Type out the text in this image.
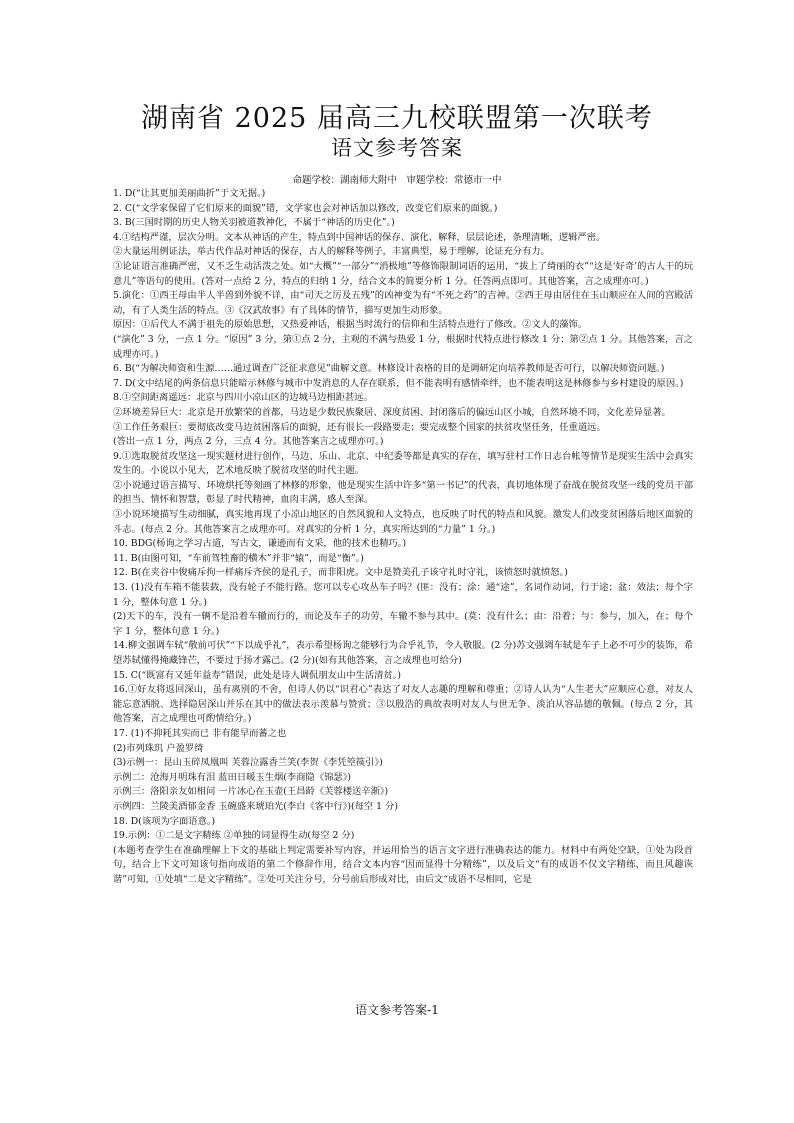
湖南省 2025 届高三九校联盟第一次联考
语文参考答案
命题学校：湖南师大附中　审题学校：常德市一中

1. D(“让其更加美丽曲折”于文无据。)

2. C(“文学家保留了它们原来的面貌”错，文学家也会对神话加以修改，改变它们原来的面貌。)

3. B(三国时期的历史人物关羽被道教神化，不属于“神话的历史化”。)

4.①结构严谨，层次分明。文本从神话的产生，特点到中国神话的保存、演化、解释，层层论述，条理清晰，逻辑严密。

②大量运用例证法，举古代作品对神话的保存，古人的解释等例子，丰富典型，易于理解，论证充分有力。

③论证语言准确严密，又不乏生动活泼之处。如“大概”“一部分”“消极地”等修饰限制词语的运用，“拔上了绮丽的衣”“这是‘好奇’的古人干的玩意儿”等语句的使用。(答对一点给 2 分，特点的归纳 1 分，结合文本的简要分析 1 分。任答两点即可。其他答案，言之成理亦可。)

5.演化：①西王母由半人半兽到外貌不详，由“司天之厉及五残”的凶神变为有“不死之药”的吉神。②西王母由居住在玉山顺应在人间的宫殿活动，有了人类生活的特点。③《汉武故事》有了具体的情节，描写更加生动形象。

原因：①后代人不满于祖先的原始思想，又热爱神话，根据当时流行的信仰和生活特点进行了修改。②文人的藻饰。

(“演化” 3 分，一点 1 分。“原因” 3 分，第①点 2 分，主观的不满与热爱 1 分，根据时代特点进行修改 1 分；第②点 1 分。其他答案，言之成理亦可。)

6. B(“为解决师资和生源……通过调查广泛征求意见”曲解文意。林修设计表格的目的是调研定向培养教师是否可行，以解决师资问题。)

7. D(文中结尾的两条信息只能暗示林修与城市中发消息的人存在联系，但不能表明有感情牵绊，也不能表明这是林修参与乡村建设的原因。)

8.①空间距离遥远：北京与四川小凉山区的边城马边相距甚远。

②环境差异巨大：北京是开放繁荣的首都，马边是少数民族聚居、深度贫困、封闭落后的偏远山区小城，自然环境不同，文化差异显著。

③工作任务艰巨：要彻底改变马边贫困落后的面貌，还有很长一段路要走；要完成整个国家的扶贫攻坚任务，任重道远。

(答出一点 1 分，两点 2 分，三点 4 分。其他答案言之成理亦可。)

9.①选取脱贫攻坚这一现实题材进行创作，马边、乐山、北京、中纪委等都是真实的存在，填写驻村工作日志台帐等情节是现实生活中会真实发生的。小说以小见大，艺术地反映了脱贫攻坚的时代主题。

②小说通过语言描写、环境烘托等刻画了林修的形象，他是现实生活中许多“第一书记”的代表，真切地体现了奋战在脱贫攻坚一线的党员干部的担当、情怀和智慧，彰显了时代精神，血肉丰满，感人至深。

③小说环境描写生动细腻，真实地再现了小凉山地区的自然风貌和人文特点，也反映了时代的特点和风貌。激发人们改变贫困落后地区面貌的斗志。(每点 2 分。其他答案言之成理亦可。对真实的分析 1 分，真实所达到的“力量” 1 分。)

10. BDG(杨询之学习古道，写古文，谦逊而有文采，他的技术也精巧。)

11. B(由图可知，“车前驾牲畜的横木”并非“辕”，而是“衡”。)

12. B(在夹谷中俊痛斥拘一样痛斥齐侯的是孔子，而非阳虎。文中是赞美孔子该守礼时守礼，该愤怒时就愤怒。)

13. (1)没有车箱不能装载，没有轮子不能行路。您可以专心攻丛车子吗？(匪：没有；涂：通“途”，名词作动词，行于途；盆：效法；每个字 1 分，整体句意 1 分。)

(2)天下的车，没有一辆不是沿着车辙而行的，而论及车子的功劳，车辙不参与其中。(莫：没有什么；由：沿着；与：参与，加入，在；每个字 1 分，整体句意 1 分。)

14.柳文强调车轼“敬前可伏”“下以成乎礼”，表示希望杨询之能够行为合乎礼节，令人敬服。(2 分)苏文强调车轼是车子上必不可少的装饰，希望苏轼懂得掩藏锋芒，不要过于扬才露己。(2 分)(如有其他答案，言之成理也可给分)

15. C(“既富有又延年益寿”错误，此处是诗人调侃朋友山中生活清贫。)

16.①好友将返回深山，虽有离别的不舍，但诗人仍以“识君心”表达了对友人志趣的理解和尊重；②诗人认为“人生老大”应顺应心意，对友人能忘意洒脱、选择隐居深山并乐在其中的做法表示羡慕与赞赏；③以殷浩的典故表明对友人与世无争、淡泊从容品德的敬佩。(每点 2 分，其他答案，言之成理也可酌情给分。)

17. (1)不抑耗其实而已 非有能早而蕃之也

(2)市列珠玑 户盈罗绮

(3)示例一：昆山玉碎凤凰叫 芙蓉泣露香兰笑(李贺《李凭箜篌引》)

示例二：沧海月明珠有泪 蓝田日暖玉生烟(李商隐《锦瑟》)

示例三：洛阳亲友如相问 一片冰心在玉壶(王昌龄《芙蓉楼送辛渐》)

示例四：兰陵美酒郁金香 玉碗盛来琥珀光(李白《客中行》)(每空 1 分)

18. D(该项为字面语意。)

19.示例：①二是文字精练 ②单独的词显得生动(每空 2 分)

(本题考查学生在准确理解上下文的基础上判定需要补写内容，并运用恰当的语言文字进行准确表达的能力。材料中有两处空缺，①处为段首句，结合上下文可知该句指向成语的第二个修辞作用，结合文本内容“因而显得十分精练”，以及后文“有的成语不仅文字精练，而且风趣诙谐”可知，①处填“二是文字精练”。②处可关注分号，分号前后形成对比，由后文“成语不尽相同，它是

语文参考答案-1
